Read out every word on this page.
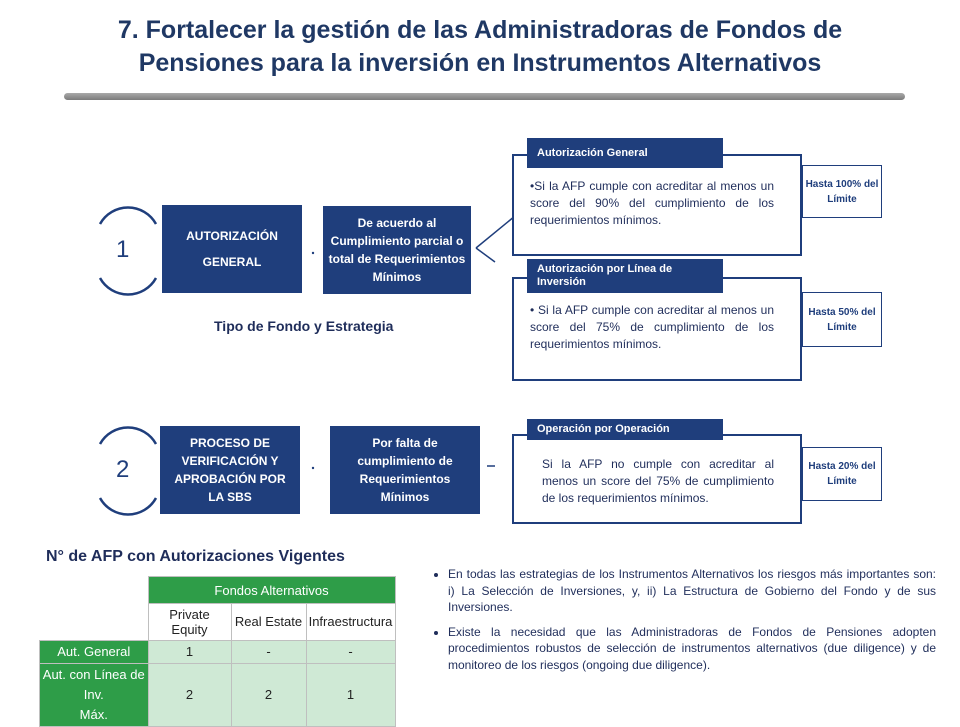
7. Fortalecer la gestión de las Administradoras de Fondos de
Pensiones para la inversión en Instrumentos Alternativos
1	AUTORIZACIÓN
GENERAL
De acuerdo al Cumplimiento parcial o total de Requerimientos Mínimos
Tipo de Fondo y Estrategia
Autorización General
•Si la AFP cumple con acreditar al menos un score del 90% del cumplimiento de los requerimientos mínimos.
Hasta 100% del Límite
Autorización por Línea de Inversión
• Si la AFP cumple con acreditar al menos un score del 75% de cumplimiento de los requerimientos mínimos.
Hasta 50% del Límite
2
PROCESO DE VERIFICACIÓN Y APROBACIÓN POR LA SBS
Por falta de cumplimiento de Requerimientos Mínimos
Operación por Operación
Si la AFP no cumple con acreditar al menos un score del 75% de cumplimiento de los requerimientos mínimos.
Hasta 20% del Límite
N° de AFP con Autorizaciones Vigentes
	Fondos Alternativos		
	Private Equity	Real Estate	Infraestructura
Aut. General	1	-	-

Aut. con Línea de Inv.
Máx.	2	2	1
• En todas las estrategias de los Instrumentos Alternativos los riesgos más importantes son: i) La Selección de Inversiones, y, ii) La Estructura de Gobierno del Fondo y de sus Inversiones.
• Existe la necesidad que las Administradoras de Fondos de Pensiones adopten procedimientos robustos de selección de instrumentos alternativos (due diligence) y de monitoreo de los riesgos (ongoing due diligence).
